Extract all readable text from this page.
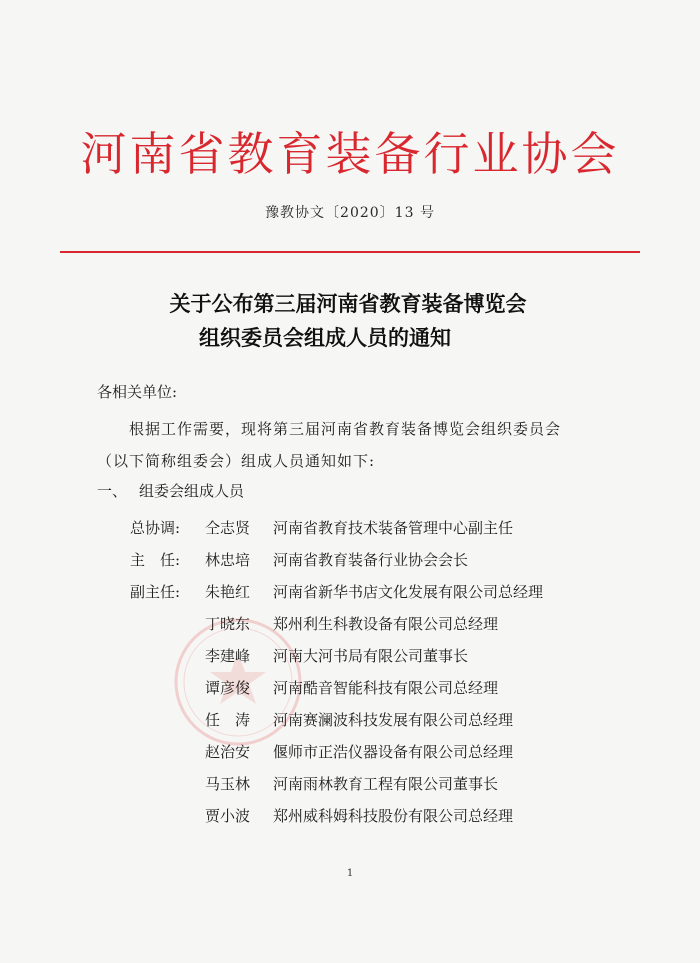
河南省教育装备行业协会
豫教协文〔2020〕13 号
关于公布第三届河南省教育装备博览会
组织委员会组成人员的通知
各相关单位:
根据工作需要，现将第三届河南省教育装备博览会组织委员会（以下简称组委会）组成人员通知如下:
一、 组委会组成人员
总协调: 仝志贤 河南省教育技术装备管理中心副主任
主　任: 林忠培 河南省教育装备行业协会会长
副主任: 朱艳红 河南省新华书店文化发展有限公司总经理
丁晓东 郑州利生科教设备有限公司总经理
李建峰 河南大河书局有限公司董事长
谭彦俊 河南酷音智能科技有限公司总经理
任　涛 河南赛澜波科技发展有限公司总经理
赵治安 偃师市正浩仪器设备有限公司总经理
马玉林 河南雨林教育工程有限公司董事长
贾小波 郑州威科姆科技股份有限公司总经理
1
